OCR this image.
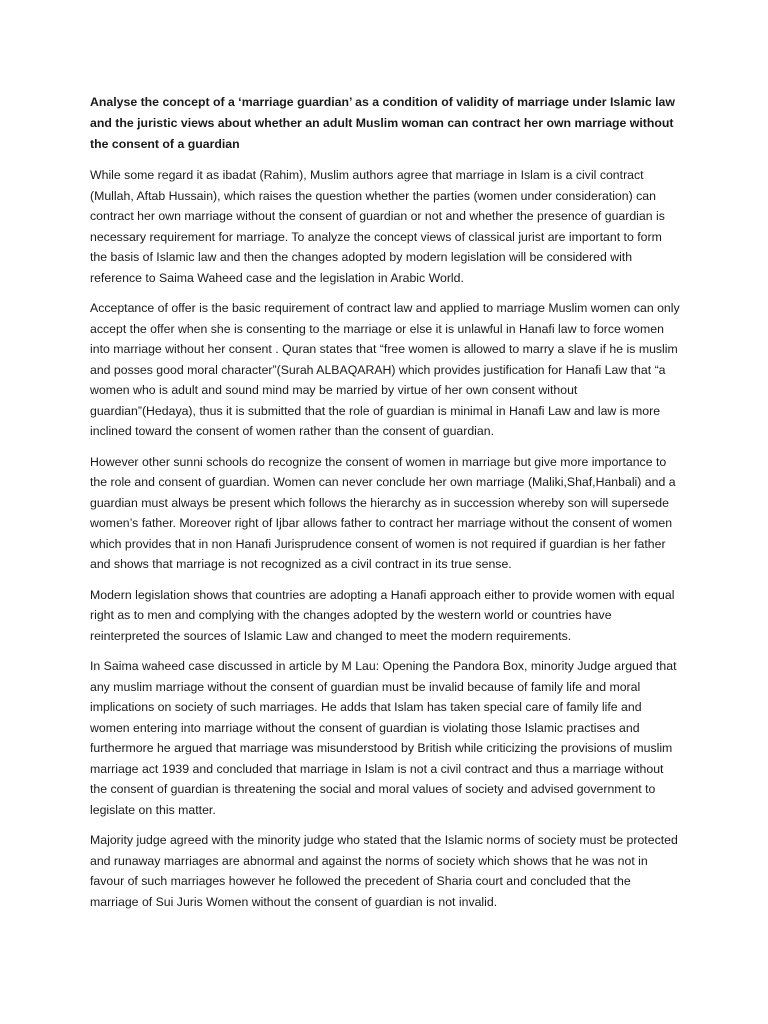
Analyse the concept of a ‘marriage guardian’ as a condition of validity of marriage under Islamic law and the juristic views about whether an adult Muslim woman can contract her own marriage without the consent of a guardian

While some regard it as ibadat (Rahim), Muslim authors agree that marriage in Islam is a civil contract (Mullah, Aftab Hussain), which raises the question whether the parties (women under consideration) can contract her own marriage without the consent of guardian or not and whether the presence of guardian is necessary requirement for marriage. To analyze the concept views of classical jurist are important to form the basis of Islamic law and then the changes adopted by modern legislation will be considered with reference to Saima Waheed case and the legislation in Arabic World.

Acceptance of offer is the basic requirement of contract law and applied to marriage Muslim women can only accept the offer when she is consenting to the marriage or else it is unlawful in Hanafi law to force women into marriage without her consent . Quran states that “free women is allowed to marry a slave if he is muslim and posses good moral character”(Surah ALBAQARAH) which provides justification for Hanafi Law that “a women who is adult and sound mind may be married by virtue of her own consent without guardian”(Hedaya), thus it is submitted that the role of guardian is minimal in Hanafi Law and law is more inclined toward the consent of women rather than the consent of guardian.

However other sunni schools do recognize the consent of women in marriage but give more importance to the role and consent of guardian. Women can never conclude her own marriage (Maliki,Shaf,Hanbali) and a guardian must always be present which follows the hierarchy as in succession whereby son will supersede women’s father. Moreover right of Ijbar allows father to contract her marriage without the consent of women which provides that in non Hanafi Jurisprudence consent of women is not required if guardian is her father and shows that marriage is not recognized as a civil contract in its true sense.

Modern legislation shows that countries are adopting a Hanafi approach either to provide women with equal right as to men and complying with the changes adopted by the western world or countries have reinterpreted the sources of Islamic Law and changed to meet the modern requirements.

In Saima waheed case discussed in article by M Lau: Opening the Pandora Box, minority Judge argued that any muslim marriage without the consent of guardian must be invalid because of family life and moral implications on society of such marriages. He adds that Islam has taken special care of family life and women entering into marriage without the consent of guardian is violating those Islamic practises and furthermore he argued that marriage was misunderstood by British while criticizing the provisions of muslim marriage act 1939 and concluded that marriage in Islam is not a civil contract and thus a marriage without the consent of guardian is threatening the social and moral values of society and advised government to legislate on this matter.

Majority judge agreed with the minority judge who stated that the Islamic norms of society must be protected and runaway marriages are abnormal and against the norms of society which shows that he was not in favour of such marriages however he followed the precedent of Sharia court and concluded that the marriage of Sui Juris Women without the consent of guardian is not invalid.
